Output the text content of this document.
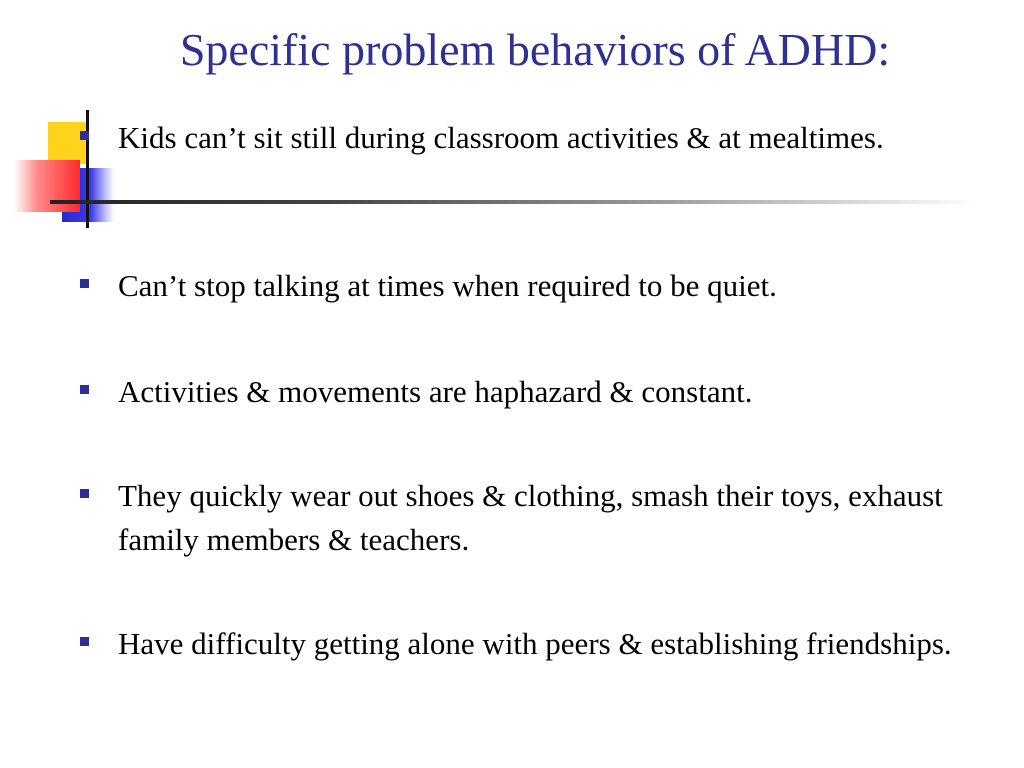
Specific problem behaviors of ADHD:
Kids can’t sit still during classroom activities & at mealtimes.
Can’t stop talking at times when required to be quiet.
Activities & movements are haphazard & constant.
They quickly wear out shoes & clothing, smash their toys, exhaust family members & teachers.
Have difficulty getting alone with peers & establishing friendships.
